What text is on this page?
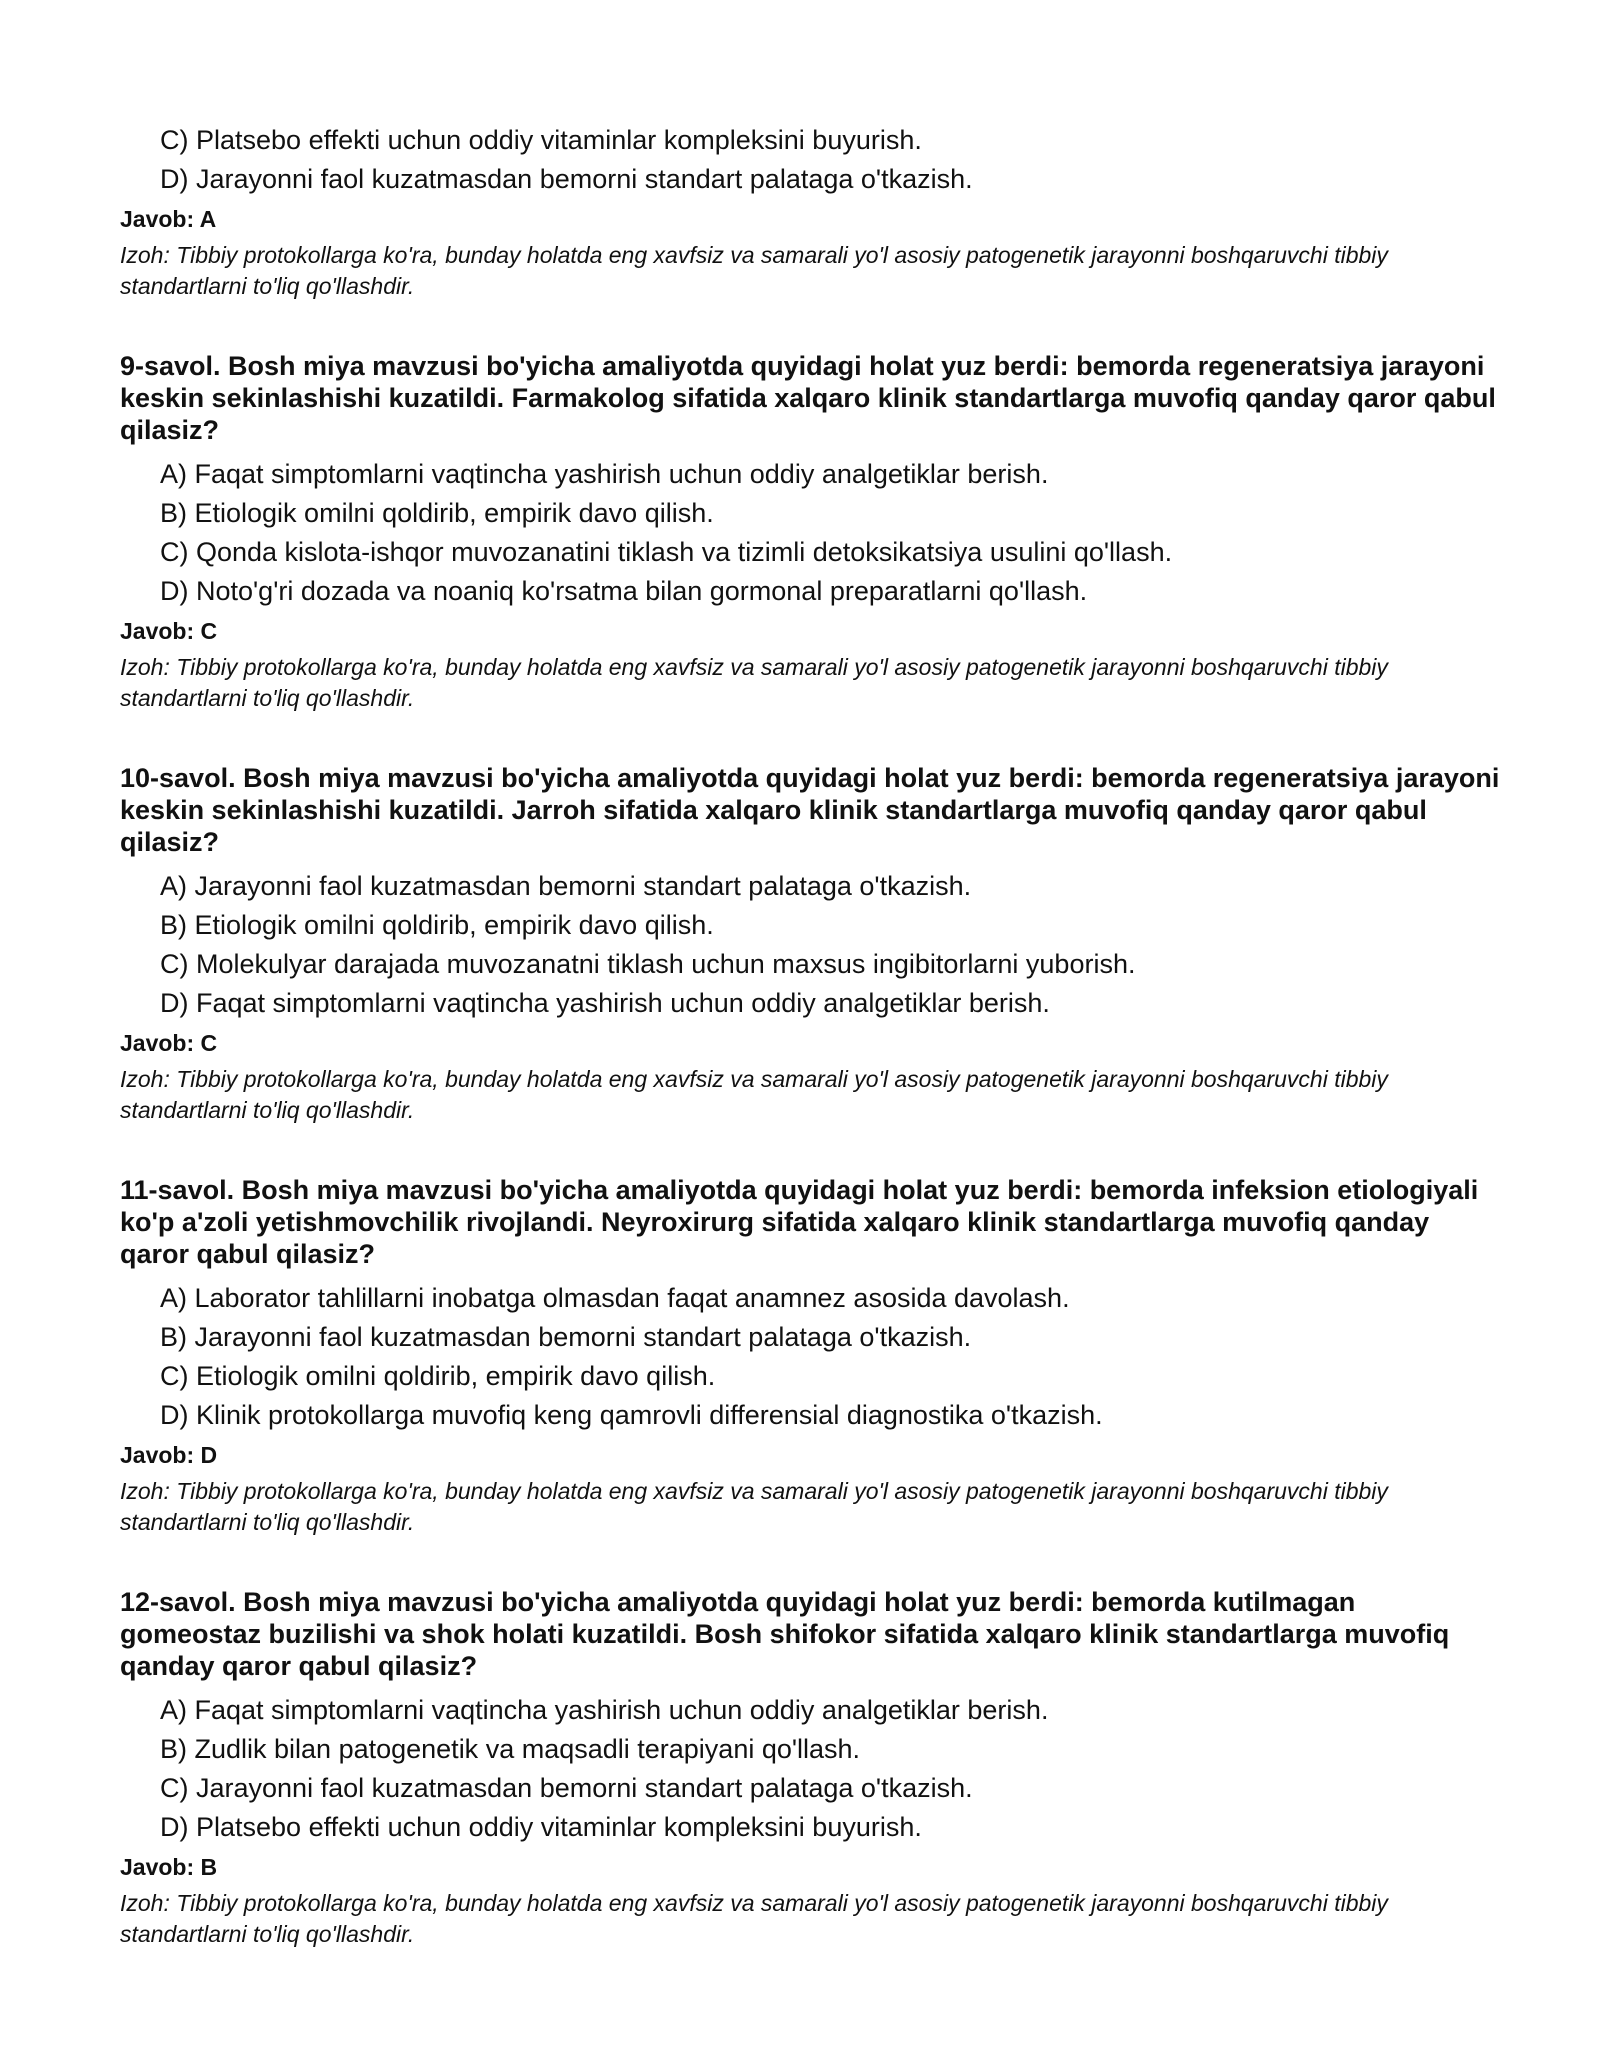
C) Platsebo effekti uchun oddiy vitaminlar kompleksini buyurish.
D) Jarayonni faol kuzatmasdan bemorni standart palataga o'tkazish.
Javob: A
Izoh: Tibbiy protokollarga ko'ra, bunday holatda eng xavfsiz va samarali yo'l asosiy patogenetik jarayonni boshqaruvchi tibbiy standartlarni to'liq qo'llashdir.
9-savol. Bosh miya mavzusi bo'yicha amaliyotda quyidagi holat yuz berdi: bemorda regeneratsiya jarayoni keskin sekinlashishi kuzatildi. Farmakolog sifatida xalqaro klinik standartlarga muvofiq qanday qaror qabul qilasiz?
A) Faqat simptomlarni vaqtincha yashirish uchun oddiy analgetiklar berish.
B) Etiologik omilni qoldirib, empirik davo qilish.
C) Qonda kislota-ishqor muvozanatini tiklash va tizimli detoksikatsiya usulini qo'llash.
D) Noto'g'ri dozada va noaniq ko'rsatma bilan gormonal preparatlarni qo'llash.
Javob: C
Izoh: Tibbiy protokollarga ko'ra, bunday holatda eng xavfsiz va samarali yo'l asosiy patogenetik jarayonni boshqaruvchi tibbiy standartlarni to'liq qo'llashdir.
10-savol. Bosh miya mavzusi bo'yicha amaliyotda quyidagi holat yuz berdi: bemorda regeneratsiya jarayoni keskin sekinlashishi kuzatildi. Jarroh sifatida xalqaro klinik standartlarga muvofiq qanday qaror qabul qilasiz?
A) Jarayonni faol kuzatmasdan bemorni standart palataga o'tkazish.
B) Etiologik omilni qoldirib, empirik davo qilish.
C) Molekulyar darajada muvozanatni tiklash uchun maxsus ingibitorlarni yuborish.
D) Faqat simptomlarni vaqtincha yashirish uchun oddiy analgetiklar berish.
Javob: C
Izoh: Tibbiy protokollarga ko'ra, bunday holatda eng xavfsiz va samarali yo'l asosiy patogenetik jarayonni boshqaruvchi tibbiy standartlarni to'liq qo'llashdir.
11-savol. Bosh miya mavzusi bo'yicha amaliyotda quyidagi holat yuz berdi: bemorda infeksion etiologiyali ko'p a'zoli yetishmovchilik rivojlandi. Neyroxirurg sifatida xalqaro klinik standartlarga muvofiq qanday qaror qabul qilasiz?
A) Laborator tahlillarni inobatga olmasdan faqat anamnez asosida davolash.
B) Jarayonni faol kuzatmasdan bemorni standart palataga o'tkazish.
C) Etiologik omilni qoldirib, empirik davo qilish.
D) Klinik protokollarga muvofiq keng qamrovli differensial diagnostika o'tkazish.
Javob: D
Izoh: Tibbiy protokollarga ko'ra, bunday holatda eng xavfsiz va samarali yo'l asosiy patogenetik jarayonni boshqaruvchi tibbiy standartlarni to'liq qo'llashdir.
12-savol. Bosh miya mavzusi bo'yicha amaliyotda quyidagi holat yuz berdi: bemorda kutilmagan gomeostaz buzilishi va shok holati kuzatildi. Bosh shifokor sifatida xalqaro klinik standartlarga muvofiq qanday qaror qabul qilasiz?
A) Faqat simptomlarni vaqtincha yashirish uchun oddiy analgetiklar berish.
B) Zudlik bilan patogenetik va maqsadli terapiyani qo'llash.
C) Jarayonni faol kuzatmasdan bemorni standart palataga o'tkazish.
D) Platsebo effekti uchun oddiy vitaminlar kompleksini buyurish.
Javob: B
Izoh: Tibbiy protokollarga ko'ra, bunday holatda eng xavfsiz va samarali yo'l asosiy patogenetik jarayonni boshqaruvchi tibbiy standartlarni to'liq qo'llashdir.
